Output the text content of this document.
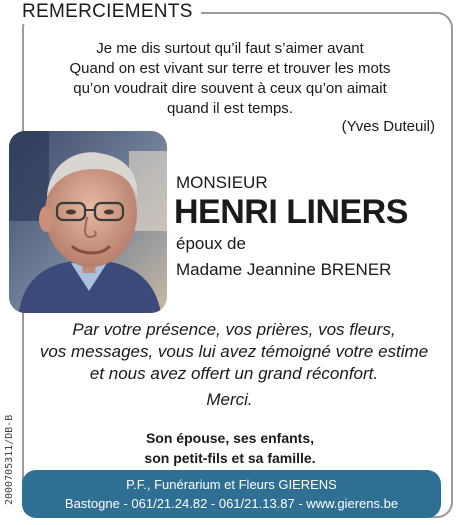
REMERCIEMENTS
Je me dis surtout qu’il faut s’aimer avant
Quand on est vivant sur terre et trouver les mots
qu’on voudrait dire souvent à ceux qu’on aimait
quand il est temps.
(Yves Duteuil)
MONSIEUR
HENRI LINERS
époux de
Madame Jeannine BRENER
Par votre présence, vos prières, vos fleurs,
vos messages, vous lui avez témoigné votre estime
et nous avez offert un grand réconfort.
Merci.
Son épouse, ses enfants,
son petit-fils et sa famille.
2000705311/DB-B	P.F., Funérarium et Fleurs GIERENS
Bastogne - 061/21.24.82 - 061/21.13.87 - www.gierens.be
